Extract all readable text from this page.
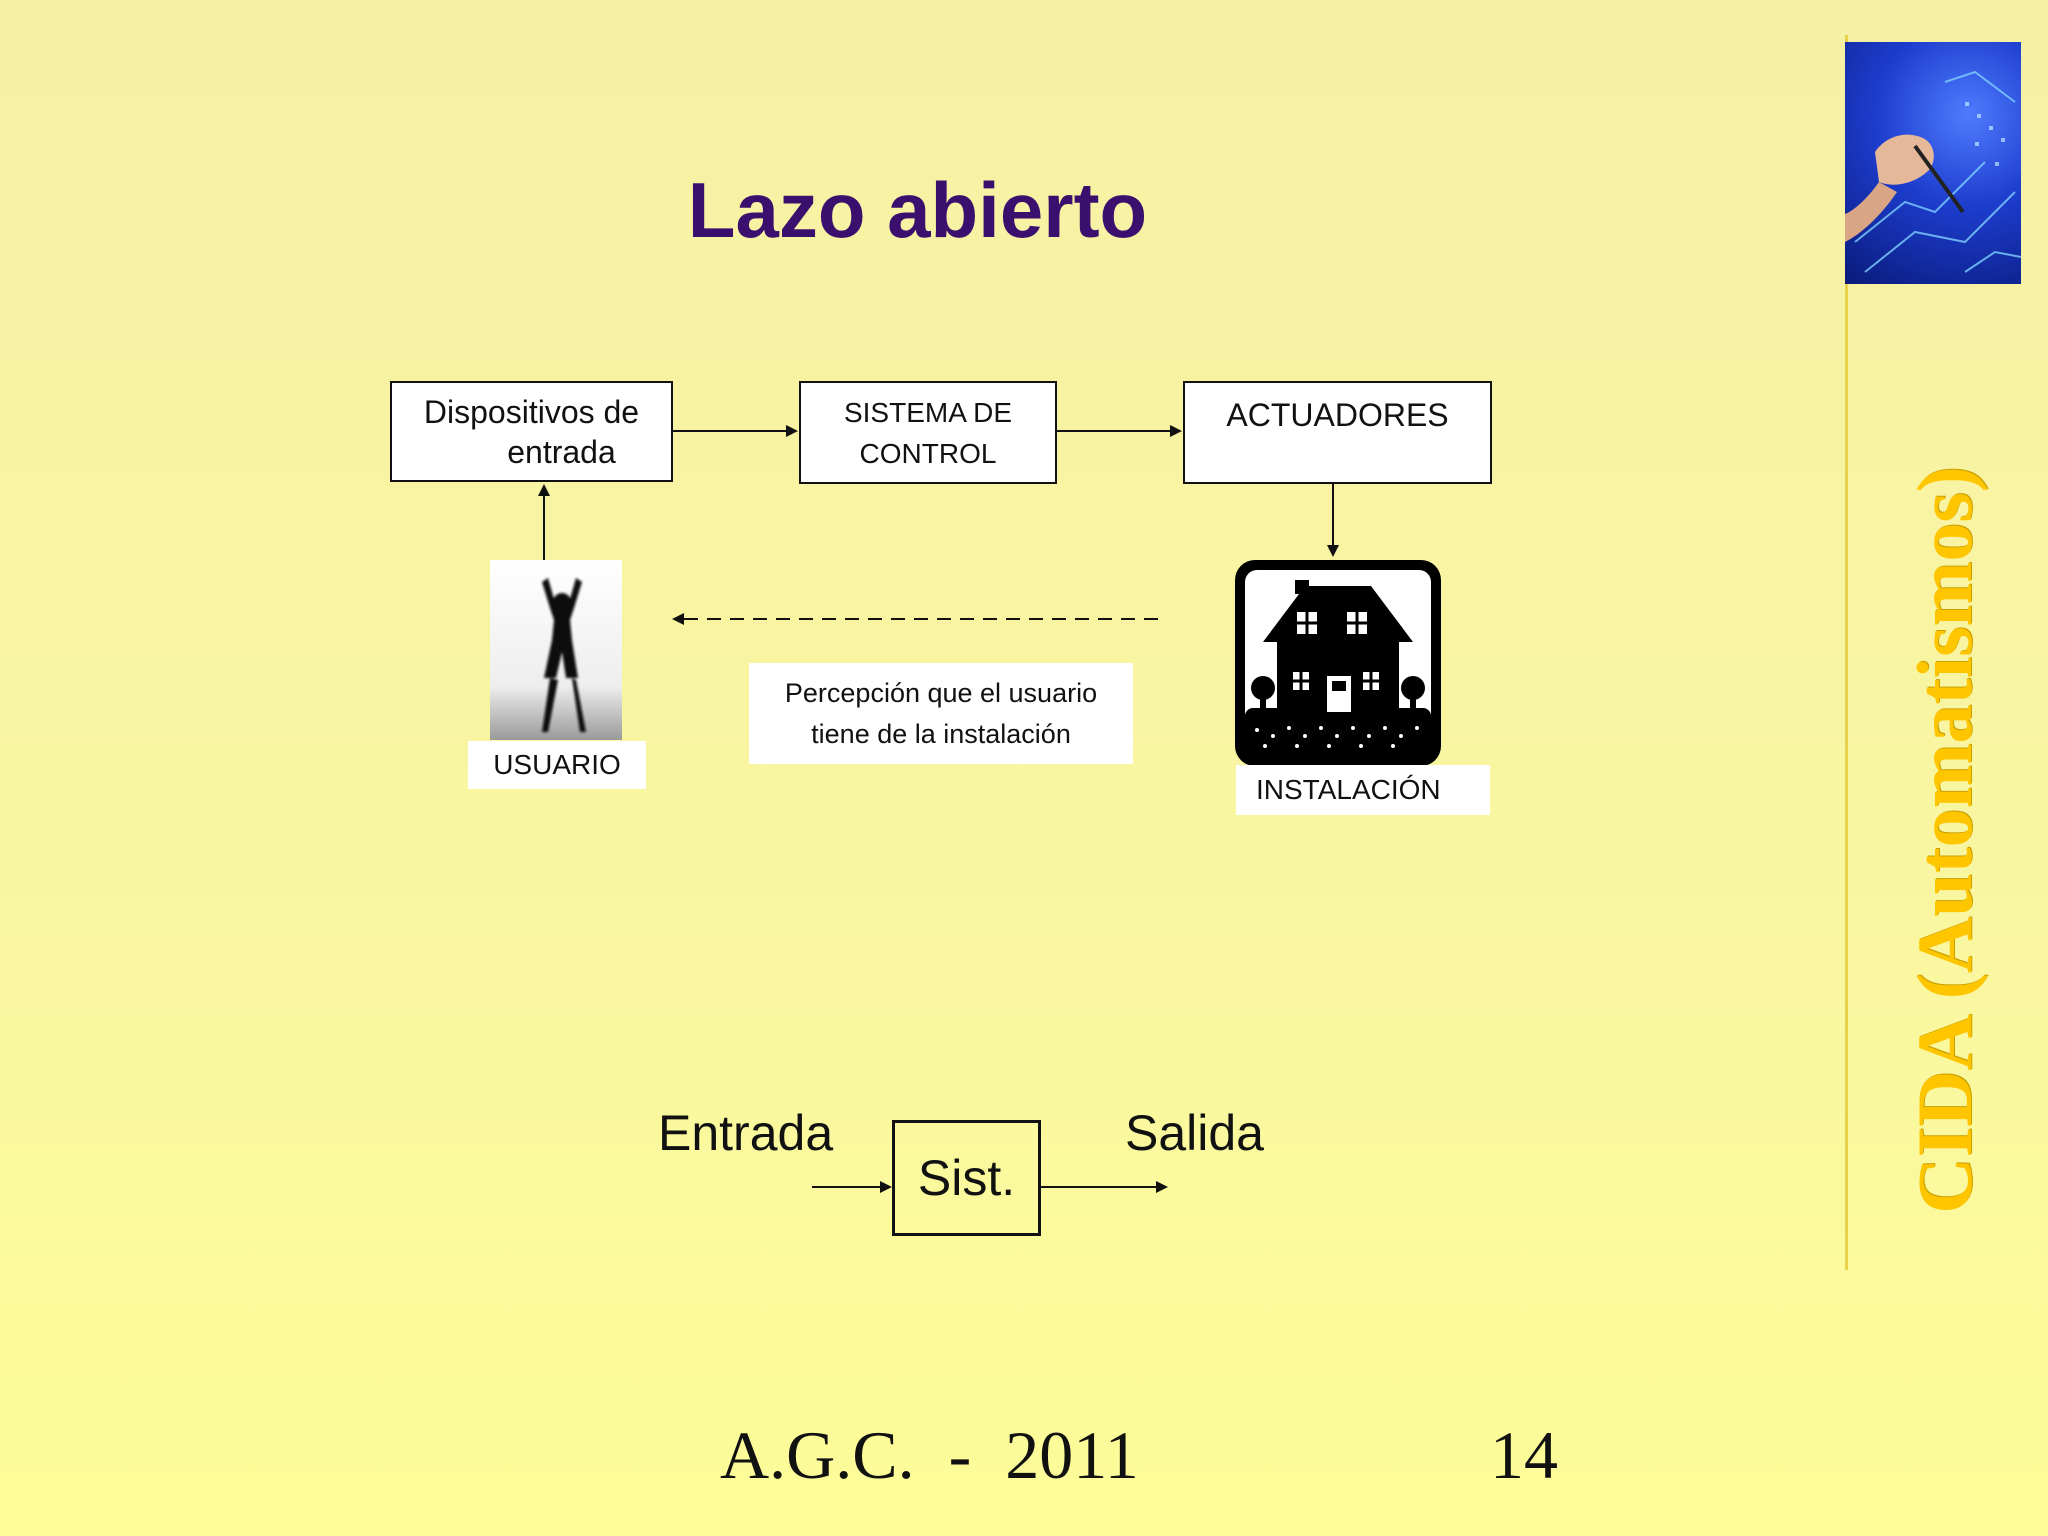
CIDA (Automatismos)
Lazo abierto
Dispositivos de
entrada
SISTEMA DE
CONTROL
ACTUADORES
USUARIO
INSTALACIÓN
Percepción que el usuario
tiene de la instalación
Entrada
Sist.
Salida
A.G.C.  -  2011	14
